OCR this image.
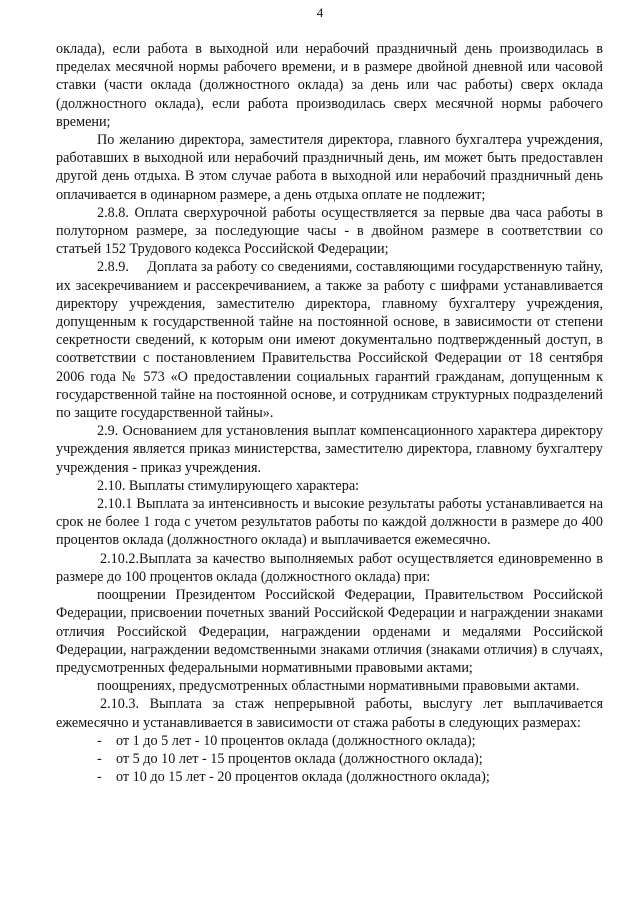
4

оклада), если работа в выходной или нерабочий праздничный день производилась в пределах месячной нормы рабочего времени, и в размере двойной дневной или часовой ставки (части оклада (должностного оклада) за день или час работы) сверх оклада (должностного оклада), если работа производилась сверх месячной нормы рабочего времени;

По желанию директора, заместителя директора, главного бухгалтера учреждения, работавших в выходной или нерабочий праздничный день, им может быть предоставлен другой день отдыха. В этом случае работа в выходной или нерабочий праздничный день оплачивается в одинарном размере, а день отдыха оплате не подлежит;

2.8.8. Оплата сверхурочной работы осуществляется за первые два часа работы в полуторном размере, за последующие часы - в двойном размере в соответствии со статьей 152 Трудового кодекса Российской Федерации;

2.8.9.     Доплата за работу со сведениями, составляющими государственную тайну, их засекречиванием и рассекречиванием, а также за работу с шифрами устанавливается директору учреждения, заместителю директора, главному бухгалтеру учреждения, допущенным к государственной тайне на постоянной основе, в зависимости от степени секретности сведений, к которым они имеют документально подтвержденный доступ, в соответствии с постановлением Правительства Российской Федерации от 18 сентября 2006 года № 573 «О предоставлении социальных гарантий гражданам, допущенным к государственной тайне на постоянной основе, и сотрудникам структурных подразделений по защите государственной тайны».

2.9. Основанием для установления выплат компенсационного характера директору учреждения является приказ министерства, заместителю директора, главному бухгалтеру учреждения - приказ учреждения.

2.10. Выплаты стимулирующего характера:

2.10.1 Выплата за интенсивность и высокие результаты работы устанавливается на срок не более 1 года с учетом результатов работы по каждой должности в размере до 400 процентов оклада (должностного оклада) и выплачивается ежемесячно.

2.10.2.Выплата за качество выполняемых работ осуществляется единовременно в размере до 100 процентов оклада (должностного оклада) при:

поощрении Президентом Российской Федерации, Правительством Российской Федерации, присвоении почетных званий Российской Федерации и награждении знаками отличия Российской Федерации, награждении орденами и медалями Российской Федерации, награждении ведомственными знаками отличия (знаками отличия) в случаях, предусмотренных федеральными нормативными правовыми актами;

поощрениях, предусмотренных областными нормативными правовыми актами.

2.10.3. Выплата за стаж непрерывной работы, выслугу лет выплачивается ежемесячно и устанавливается в зависимости от стажа работы в следующих размерах:

- от 1 до 5 лет - 10 процентов оклада (должностного оклада);
- от 5 до 10 лет - 15 процентов оклада (должностного оклада);
- от 10 до 15 лет - 20 процентов оклада (должностного оклада);
